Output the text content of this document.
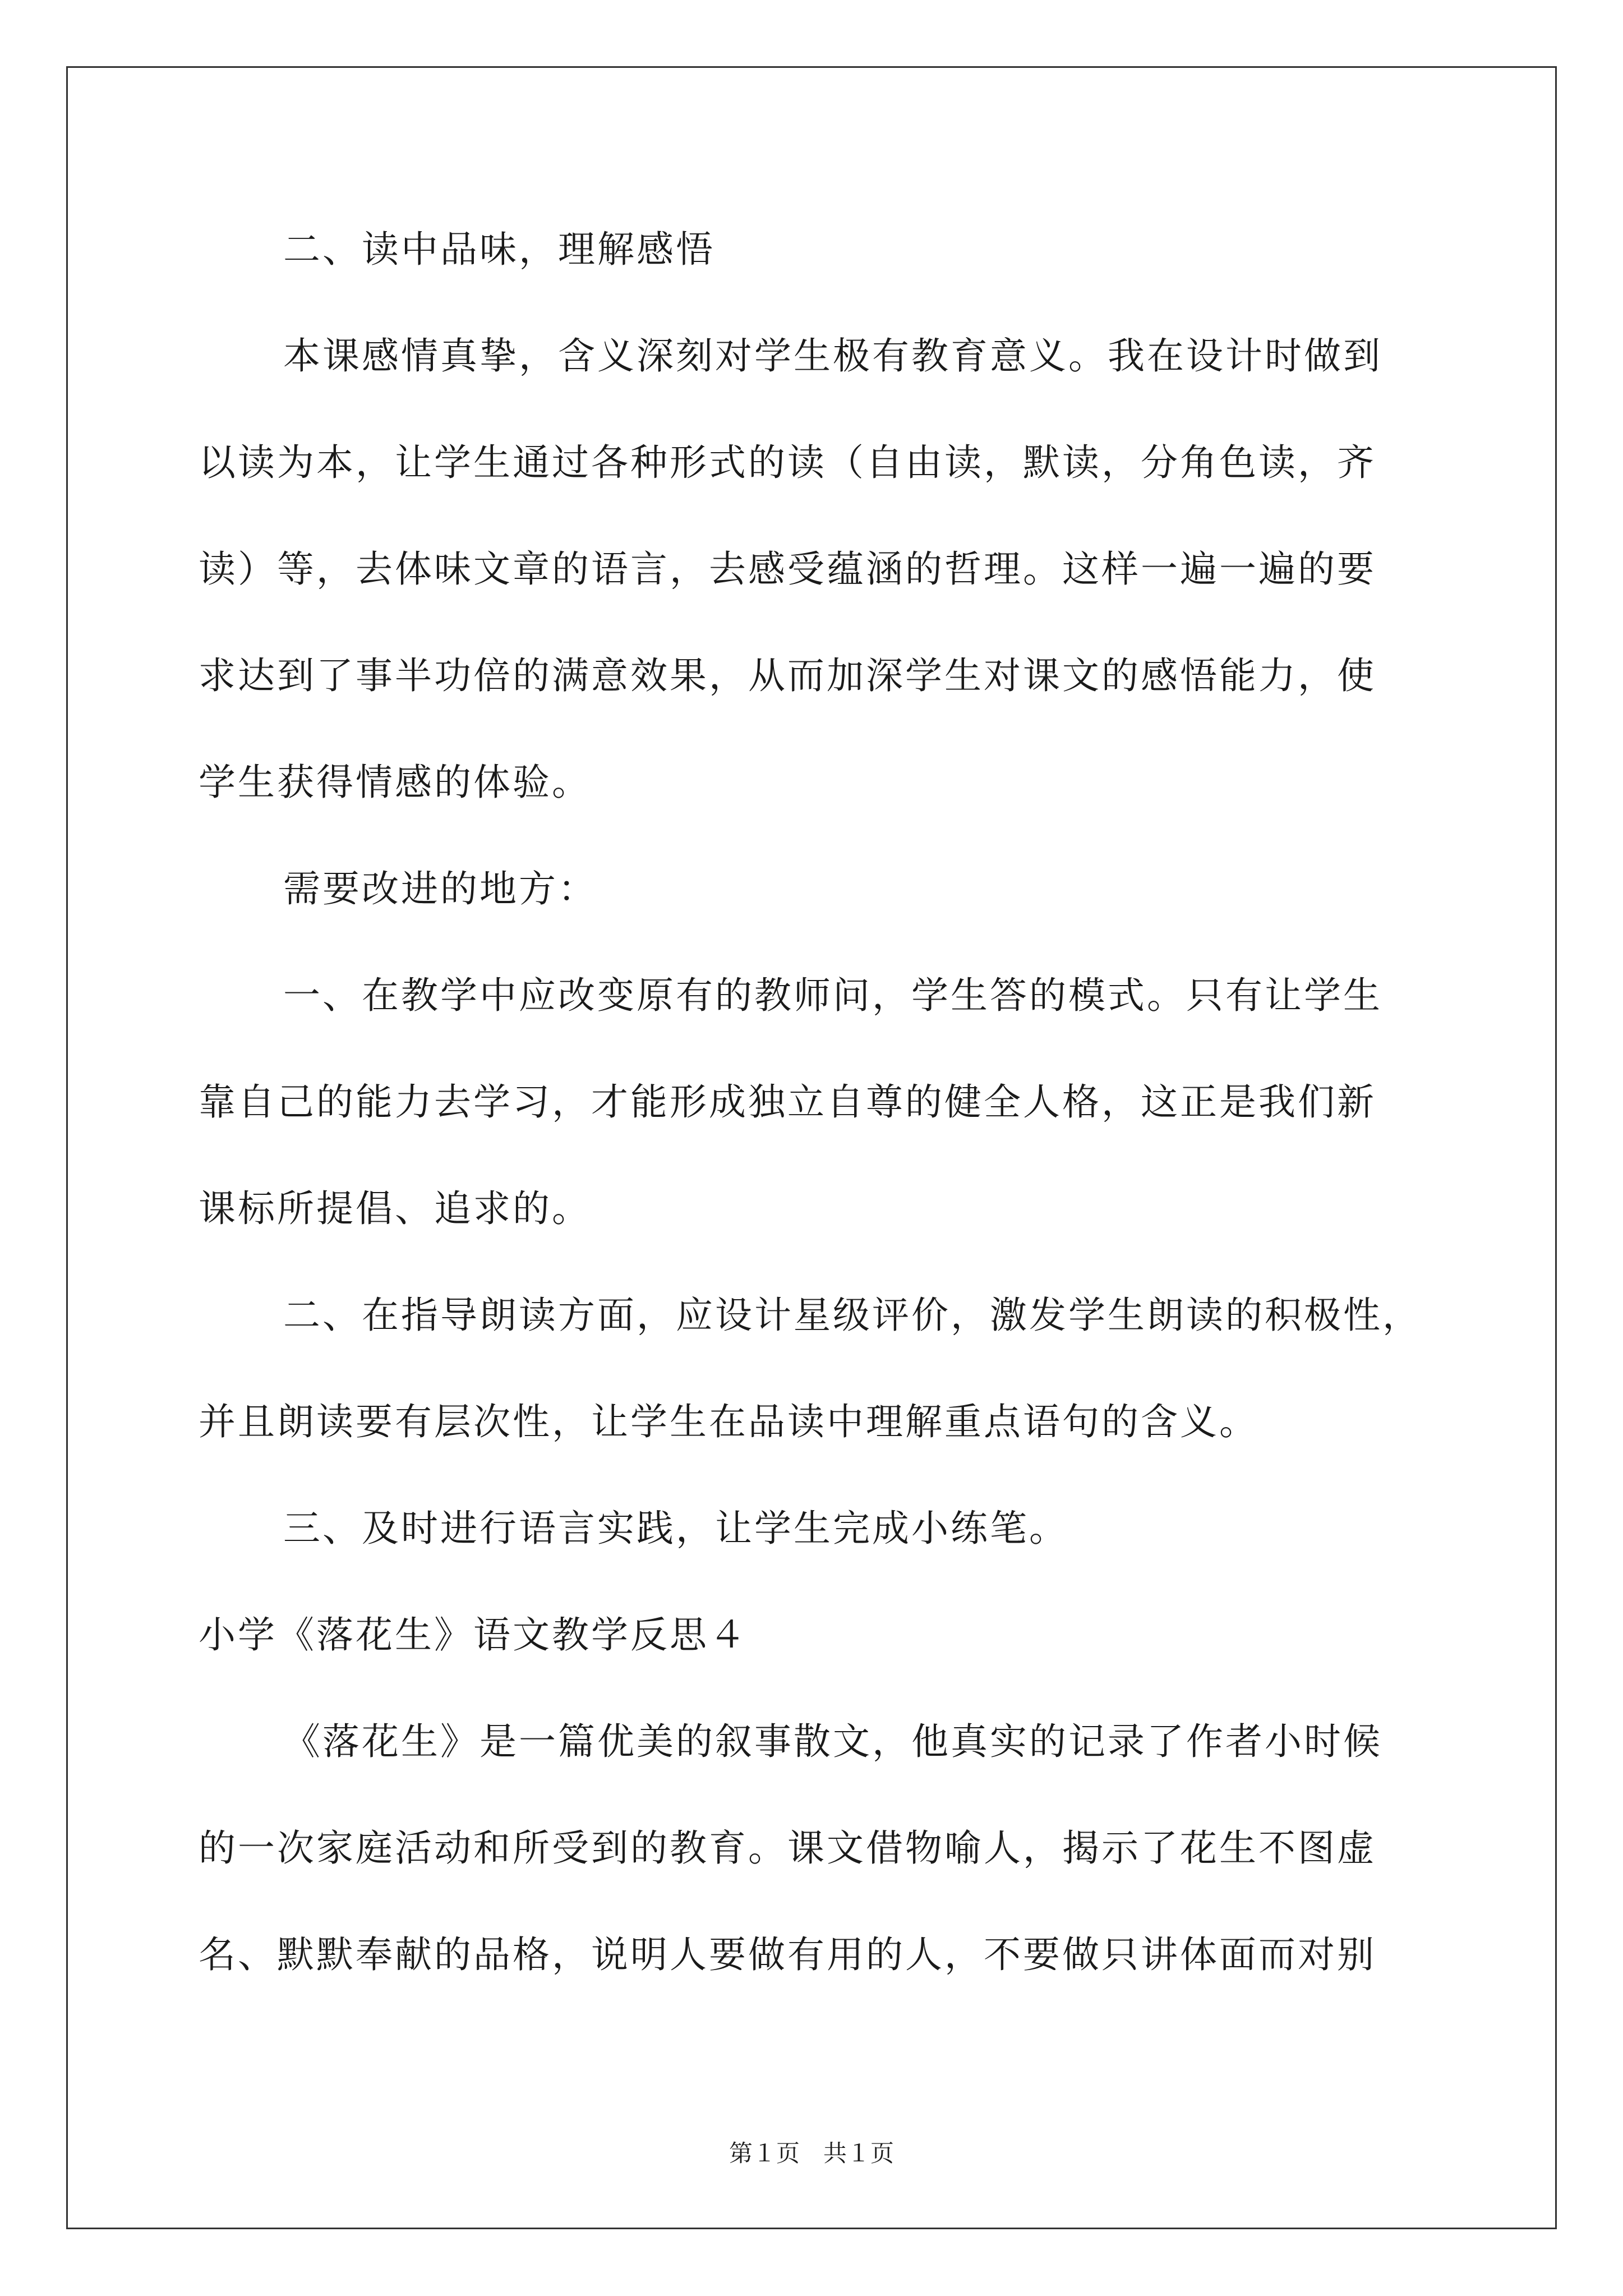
二、读中品味，理解感悟
本课感情真挚，含义深刻对学生极有教育意义。我在设计时做到
以读为本，让学生通过各种形式的读（自由读，默读，分角色读，齐
读）等，去体味文章的语言，去感受蕴涵的哲理。这样一遍一遍的要
求达到了事半功倍的满意效果，从而加深学生对课文的感悟能力，使
学生获得情感的体验。
需要改进的地方：
一、在教学中应改变原有的教师问，学生答的模式。只有让学生
靠自己的能力去学习，才能形成独立自尊的健全人格，这正是我们新
课标所提倡、追求的。
二、在指导朗读方面，应设计星级评价，激发学生朗读的积极性，
并且朗读要有层次性，让学生在品读中理解重点语句的含义。
三、及时进行语言实践，让学生完成小练笔。
小学《落花生》语文教学反思４
《落花生》是一篇优美的叙事散文，他真实的记录了作者小时候
的一次家庭活动和所受到的教育。课文借物喻人，揭示了花生不图虚
名、默默奉献的品格，说明人要做有用的人，不要做只讲体面而对别
第１页　共１页
